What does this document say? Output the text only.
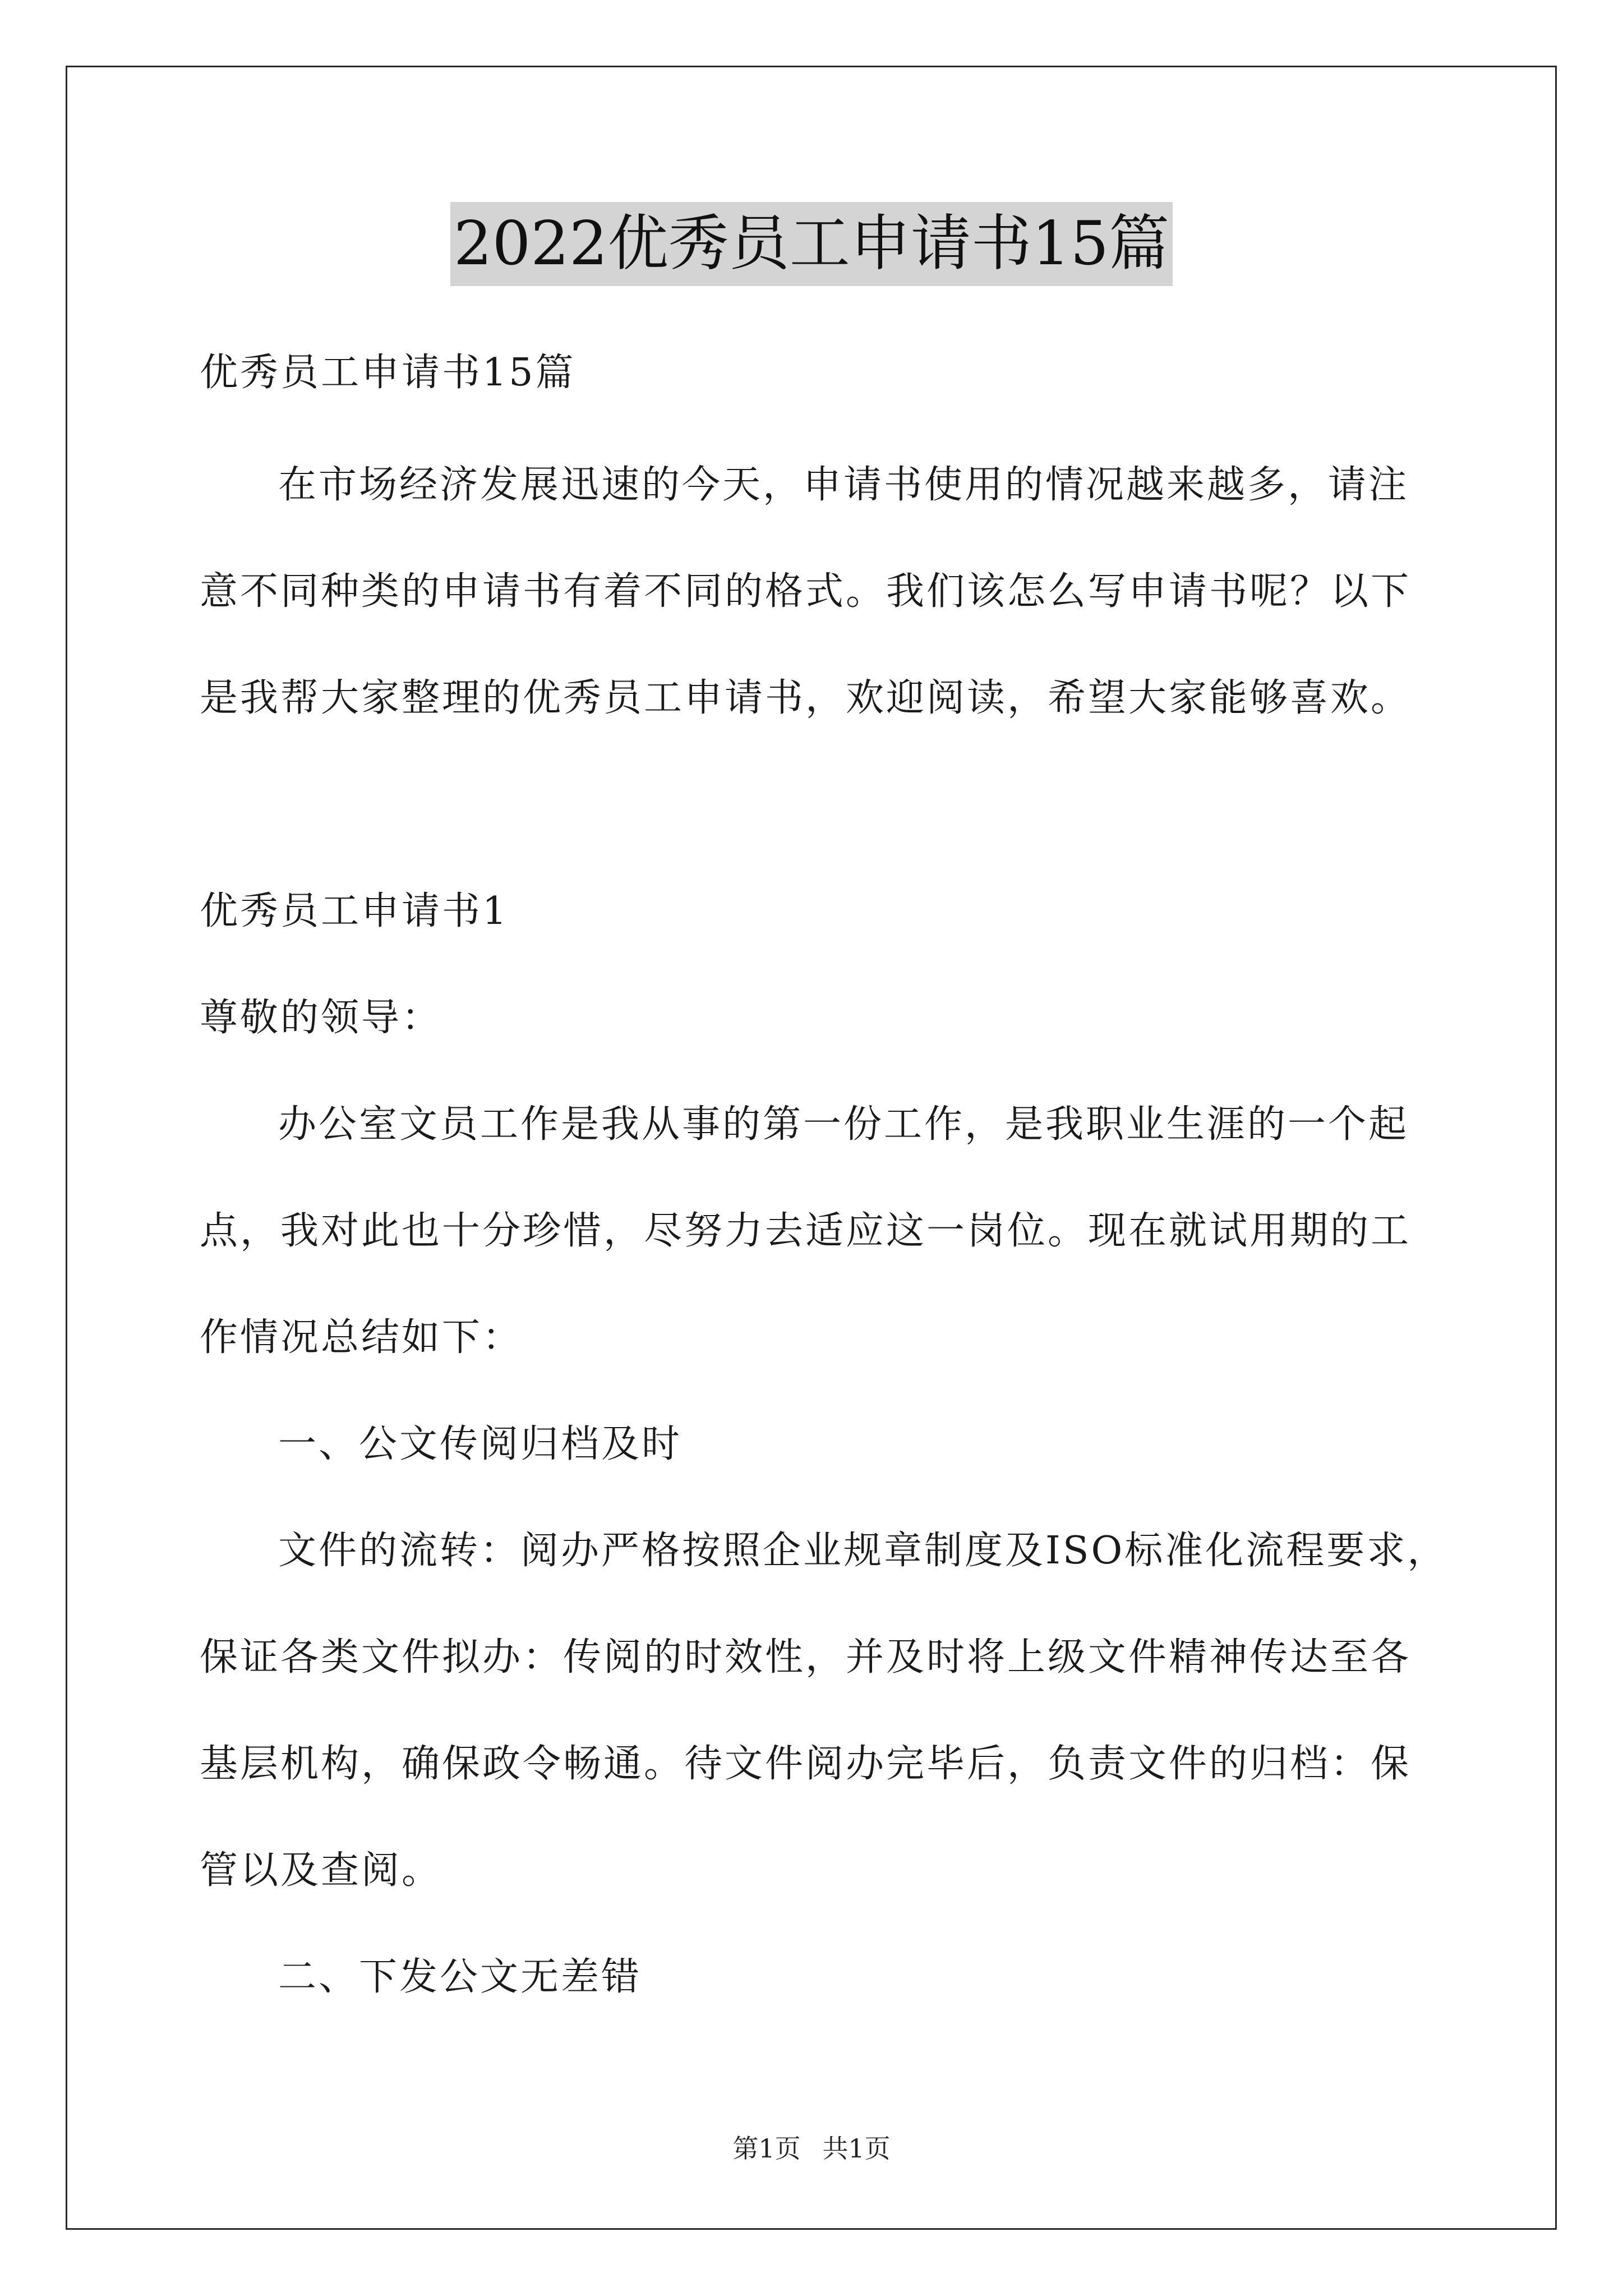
2022优秀员工申请书15篇
优秀员工申请书15篇
在市场经济发展迅速的今天，申请书使用的情况越来越多，请注
意不同种类的申请书有着不同的格式。我们该怎么写申请书呢？以下
是我帮大家整理的优秀员工申请书，欢迎阅读，希望大家能够喜欢。
优秀员工申请书1
尊敬的领导：
办公室文员工作是我从事的第一份工作，是我职业生涯的一个起
点，我对此也十分珍惜，尽努力去适应这一岗位。现在就试用期的工
作情况总结如下：
一、公文传阅归档及时
文件的流转：阅办严格按照企业规章制度及ISO标准化流程要求，
保证各类文件拟办：传阅的时效性，并及时将上级文件精神传达至各
基层机构，确保政令畅通。待文件阅办完毕后，负责文件的归档：保
管以及查阅。
二、下发公文无差错
第1页 共1页
